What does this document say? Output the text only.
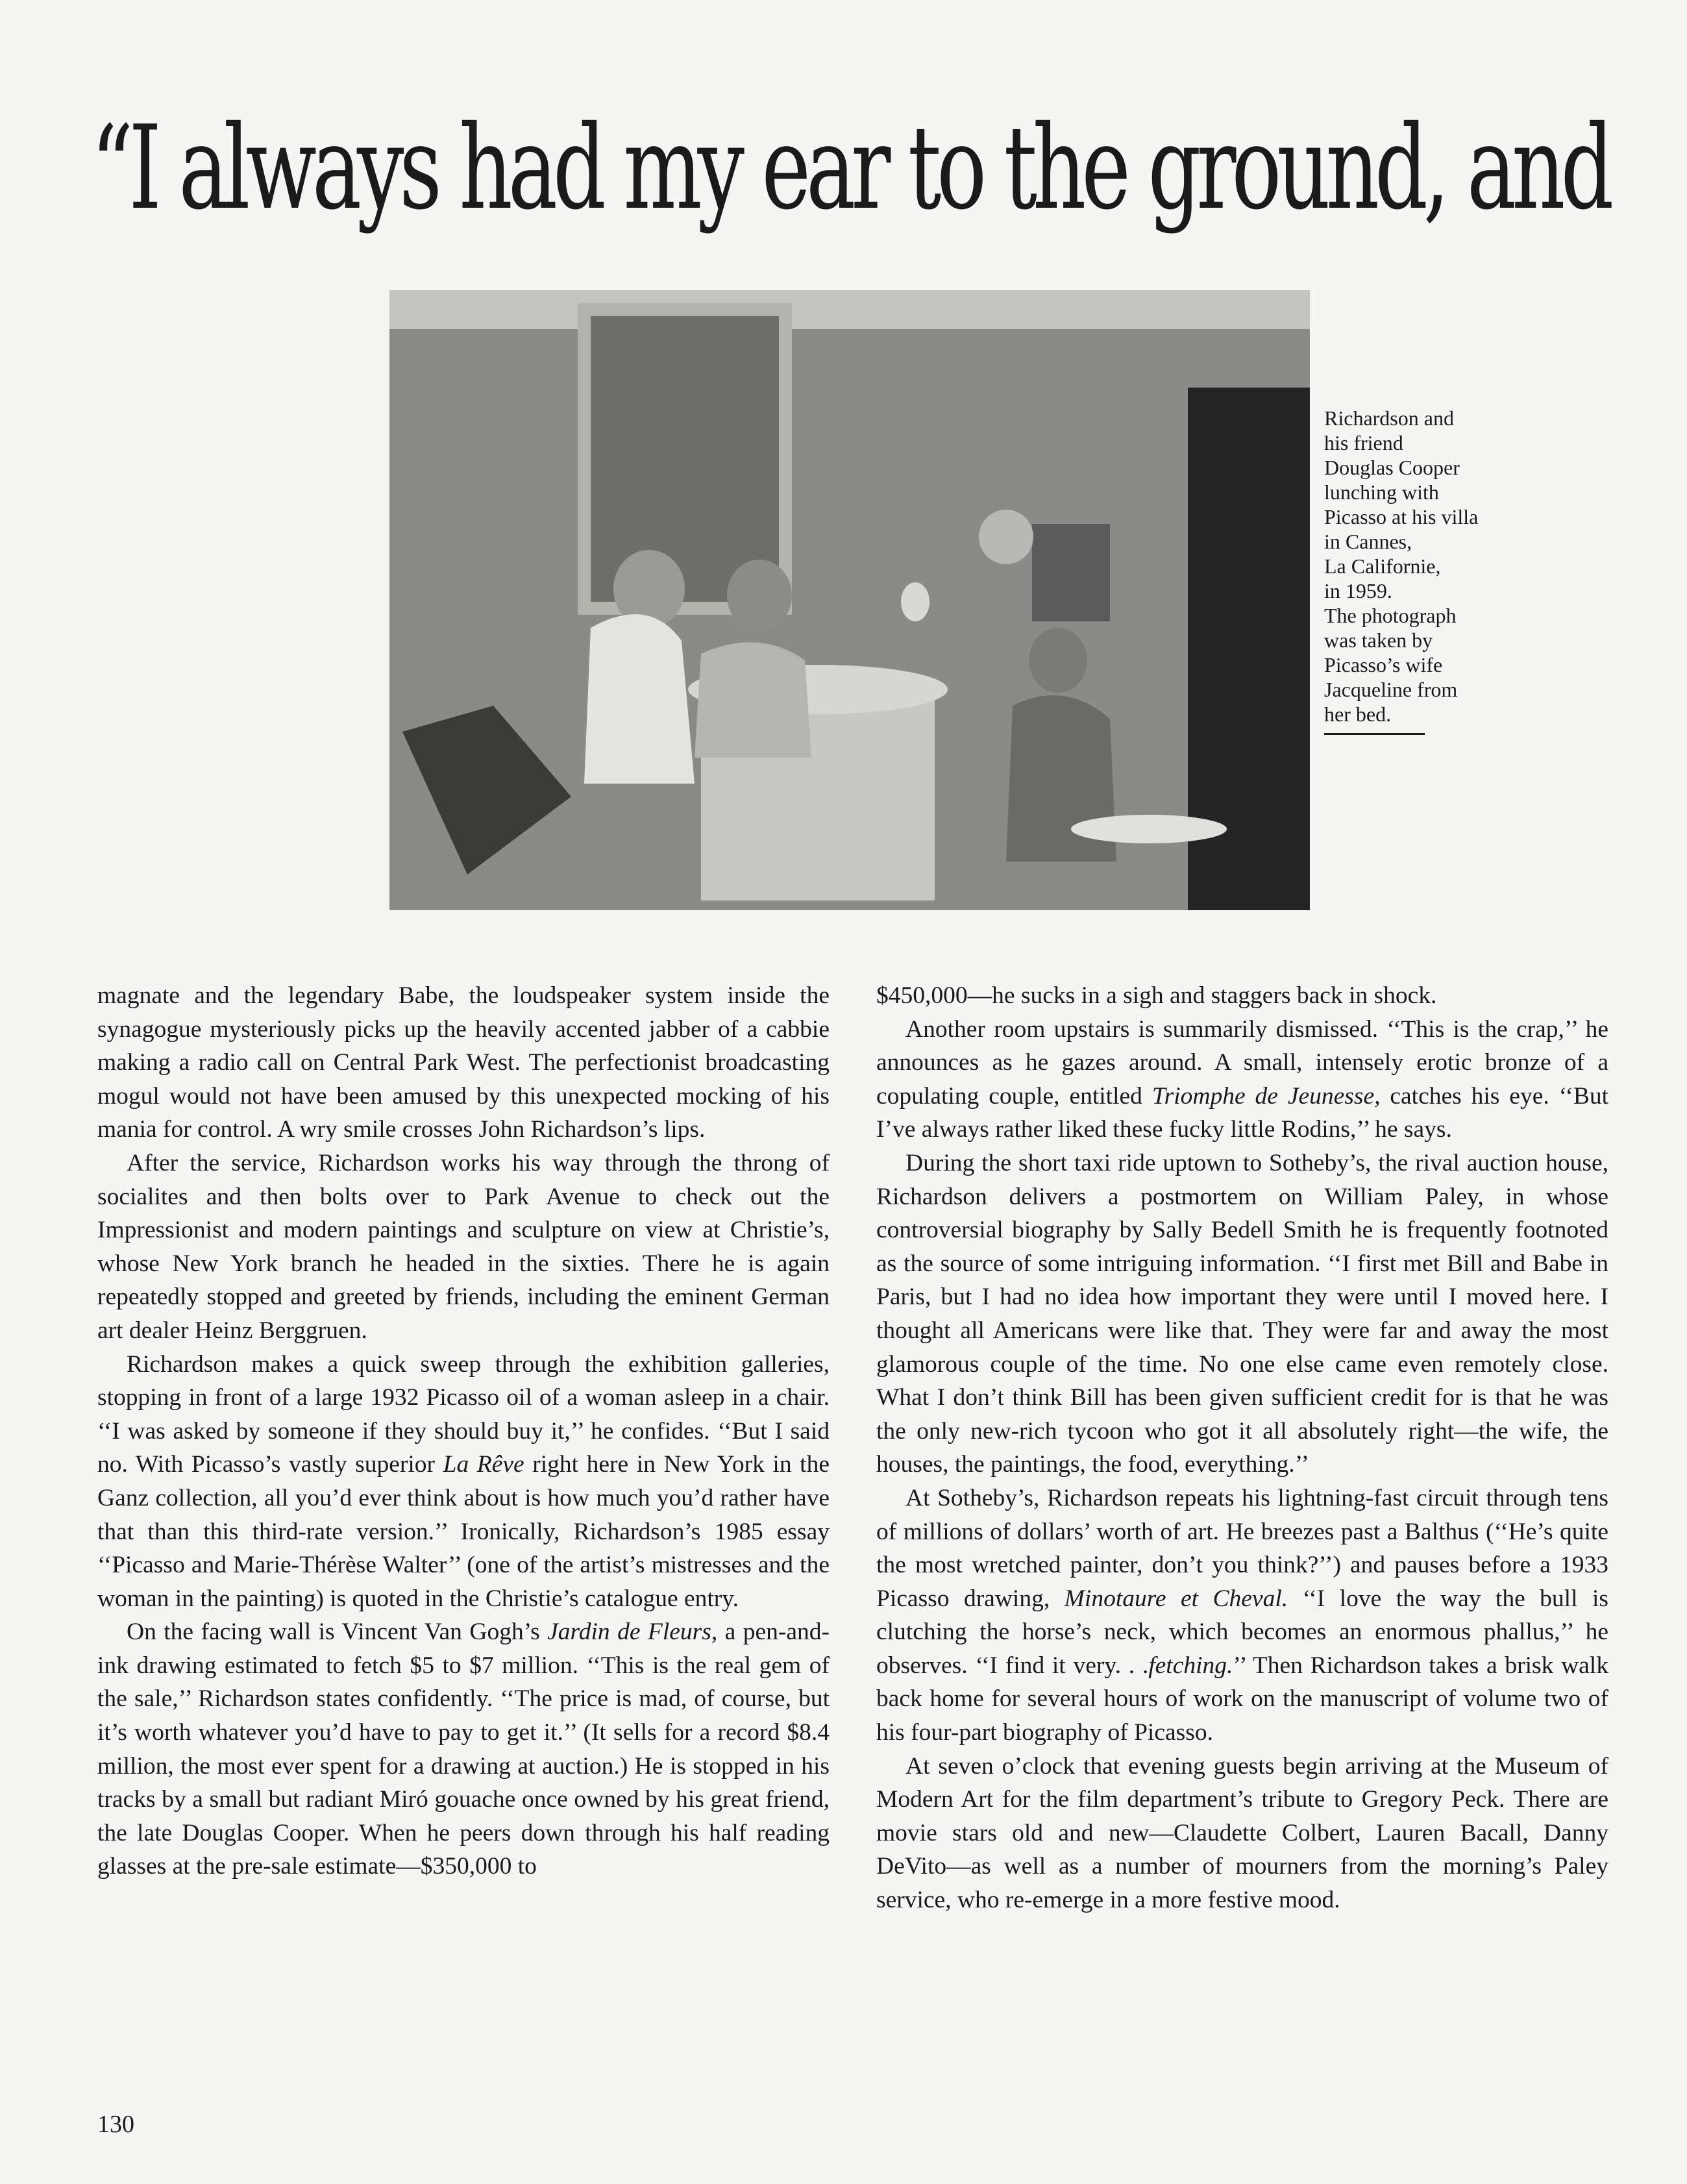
“I always had my ear to the ground, and

Richardson and

his friend

Douglas Cooper

lunching with

Picasso at his villa

in Cannes,

La Californie,

in 1959.

The photograph

was taken by

Picasso’s wife

Jacqueline from

her bed.

magnate and the legendary Babe, the loudspeaker system inside the synagogue mysteriously picks up the heavily accented jabber of a cabbie making a radio call on Central Park West. The perfectionist broadcasting mogul would not have been amused by this unexpected mocking of his mania for control. A wry smile crosses John Richardson’s lips.

After the service, Richardson works his way through the throng of socialites and then bolts over to Park Avenue to check out the Impressionist and modern paintings and sculpture on view at Christie’s, whose New York branch he headed in the sixties. There he is again repeatedly stopped and greeted by friends, including the eminent German art dealer Heinz Berggruen.

Richardson makes a quick sweep through the exhibition galleries, stopping in front of a large 1932 Picasso oil of a woman asleep in a chair. ‘‘I was asked by someone if they should buy it,’’ he confides. ‘‘But I said no. With Picasso’s vastly superior La Rêve right here in New York in the Ganz collection, all you’d ever think about is how much you’d rather have that than this third-rate version.’’ Ironically, Richardson’s 1985 essay ‘‘Picasso and Marie-Thérèse Walter’’ (one of the artist’s mistresses and the woman in the painting) is quoted in the Christie’s catalogue entry.

On the facing wall is Vincent Van Gogh’s Jardin de Fleurs, a pen-and-ink drawing estimated to fetch $5 to $7 million. ‘‘This is the real gem of the sale,’’ Richardson states confidently. ‘‘The price is mad, of course, but it’s worth whatever you’d have to pay to get it.’’ (It sells for a record $8.4 million, the most ever spent for a drawing at auction.) He is stopped in his tracks by a small but radiant Miró gouache once owned by his great friend, the late Douglas Cooper. When he peers down through his half reading glasses at the pre-sale estimate—$350,000 to

$450,000—he sucks in a sigh and staggers back in shock.

Another room upstairs is summarily dismissed. ‘‘This is the crap,’’ he announces as he gazes around. A small, intensely erotic bronze of a copulating couple, entitled Triomphe de Jeunesse, catches his eye. ‘‘But I’ve always rather liked these fucky little Rodins,’’ he says.

During the short taxi ride uptown to Sotheby’s, the rival auction house, Richardson delivers a postmortem on William Paley, in whose controversial biography by Sally Bedell Smith he is frequently footnoted as the source of some intriguing information. ‘‘I first met Bill and Babe in Paris, but I had no idea how important they were until I moved here. I thought all Americans were like that. They were far and away the most glamorous couple of the time. No one else came even remotely close. What I don’t think Bill has been given sufficient credit for is that he was the only new-rich tycoon who got it all absolutely right—the wife, the houses, the paintings, the food, everything.’’

At Sotheby’s, Richardson repeats his lightning-fast circuit through tens of millions of dollars’ worth of art. He breezes past a Balthus (‘‘He’s quite the most wretched painter, don’t you think?’’) and pauses before a 1933 Picasso drawing, Minotaure et Cheval. ‘‘I love the way the bull is clutching the horse’s neck, which becomes an enormous phallus,’’ he observes. ‘‘I find it very. . .fetching.’’ Then Richardson takes a brisk walk back home for several hours of work on the manuscript of volume two of his four-part biography of Picasso.

At seven o’clock that evening guests begin arriving at the Museum of Modern Art for the film department’s tribute to Gregory Peck. There are movie stars old and new—Claudette Colbert, Lauren Bacall, Danny DeVito—as well as a number of mourners from the morning’s Paley service, who re-emerge in a more festive mood.

130
